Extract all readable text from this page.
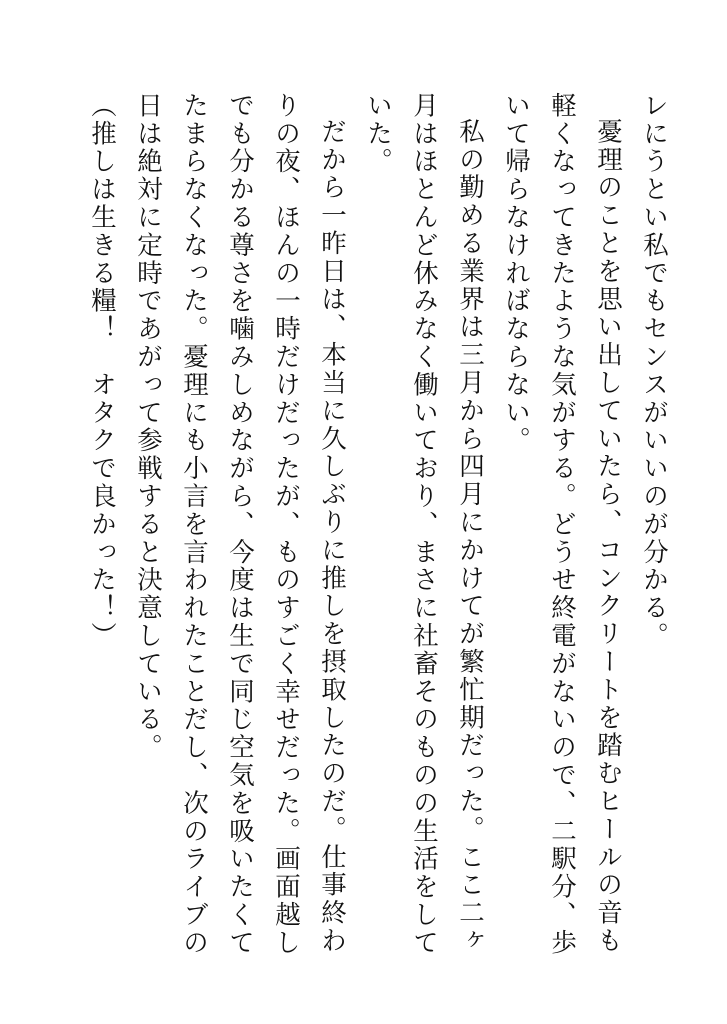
レにうとい私でもセンスがいいのが分かる。

憂理のことを思い出していたら、コンクリートを踏むヒールの音も軽くなってきたような気がする。どうせ終電がないので、二駅分、歩いて帰らなければならない。

私の勤める業界は三月から四月にかけてが繁忙期だった。ここ二ヶ月はほとんど休みなく働いており、まさに社畜そのものの生活をしていた。

だから一昨日は、本当に久しぶりに推しを摂取したのだ。仕事終わりの夜、ほんの一時だけだったが、ものすごく幸せだった。画面越しでも分かる尊さを噛みしめながら、今度は生で同じ空気を吸いたくてたまらなくなった。憂理にも小言を言われたことだし、次のライブの日は絶対に定時であがって参戦すると決意している。

（推しは生きる糧！　オタクで良かった！）
